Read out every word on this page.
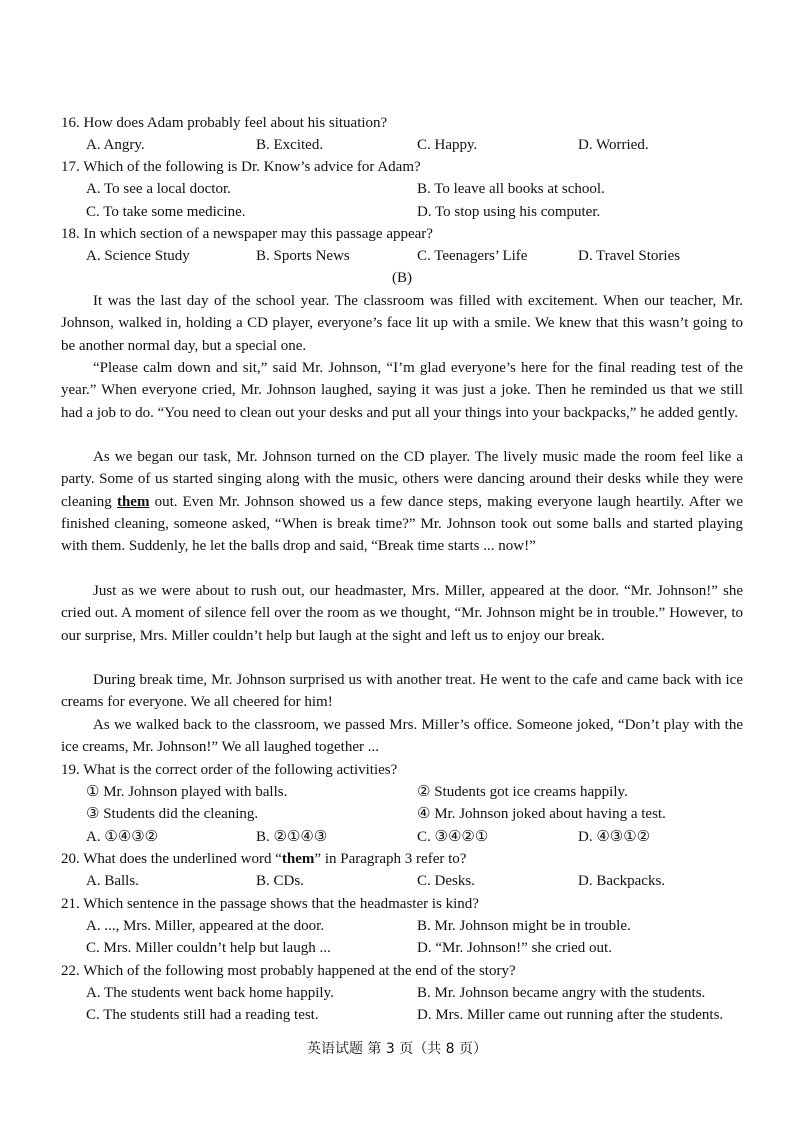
16. How does Adam probably feel about his situation?
A. Angry.	B. Excited.	C. Happy.	D. Worried.
17. Which of the following is Dr. Know’s advice for Adam?
A. To see a local doctor.	B. To leave all books at school.
C. To take some medicine.	D. To stop using his computer.
18. In which section of a newspaper may this passage appear?
A. Science Study	B. Sports News	C. Teenagers’ Life	D. Travel Stories
(B)

It was the last day of the school year. The classroom was filled with excitement. When our teacher, Mr. Johnson, walked in, holding a CD player, everyone’s face lit up with a smile. We knew that this wasn’t going to be another normal day, but a special one.

“Please calm down and sit,” said Mr. Johnson, “I’m glad everyone’s here for the final reading test of the year.” When everyone cried, Mr. Johnson laughed, saying it was just a joke. Then he reminded us that we still had a job to do. “You need to clean out your desks and put all your things into your backpacks,” he added gently.

As we began our task, Mr. Johnson turned on the CD player. The lively music made the room feel like a party. Some of us started singing along with the music, others were dancing around their desks while they were cleaning them out. Even Mr. Johnson showed us a few dance steps, making everyone laugh heartily. After we finished cleaning, someone asked, “When is break time?” Mr. Johnson took out some balls and started playing with them. Suddenly, he let the balls drop and said, “Break time starts ... now!”

Just as we were about to rush out, our headmaster, Mrs. Miller, appeared at the door. “Mr. Johnson!” she cried out. A moment of silence fell over the room as we thought, “Mr. Johnson might be in trouble.” However, to our surprise, Mrs. Miller couldn’t help but laugh at the sight and left us to enjoy our break.

During break time, Mr. Johnson surprised us with another treat. He went to the cafe and came back with ice creams for everyone. We all cheered for him!

As we walked back to the classroom, we passed Mrs. Miller’s office. Someone joked, “Don’t play with the ice creams, Mr. Johnson!” We all laughed together ...

19. What is the correct order of the following activities?
① Mr. Johnson played with balls.	② Students got ice creams happily.
③ Students did the cleaning.	④ Mr. Johnson joked about having a test.
A. ①④③②	B. ②①④③	C. ③④②①	D. ④③①②
20. What does the underlined word “them” in Paragraph 3 refer to?
A. Balls.	B. CDs.	C. Desks.	D. Backpacks.
21. Which sentence in the passage shows that the headmaster is kind?
A. ..., Mrs. Miller, appeared at the door.	B. Mr. Johnson might be in trouble.
C. Mrs. Miller couldn’t help but laugh ...	D. “Mr. Johnson!” she cried out.
22. Which of the following most probably happened at the end of the story?
A. The students went back home happily.	B. Mr. Johnson became angry with the students.
C. The students still had a reading test.	D. Mrs. Miller came out running after the students.
英语试题 第 3 页（共 8 页）
